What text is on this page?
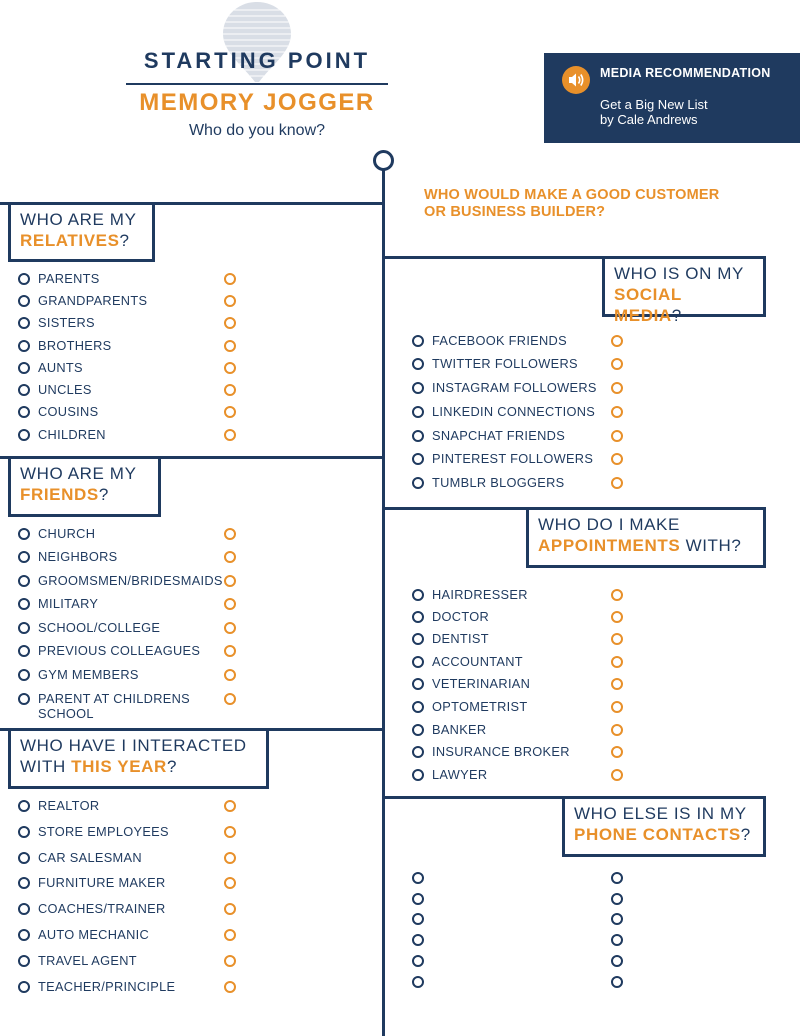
STARTING POINT
MEMORY JOGGER
Who do you know?
MEDIA RECOMMENDATION
Get a Big New List
by Cale Andrews
WHO WOULD MAKE A GOOD CUSTOMER
OR BUSINESS BUILDER?
WHO ARE MY
RELATIVES?
WHO ARE MY
FRIENDS?
WHO HAVE I INTERACTED
WITH THIS YEAR?
WHO IS ON MY
SOCIAL MEDIA?
WHO DO I MAKE
APPOINTMENTS WITH?
WHO ELSE IS IN MY
PHONE CONTACTS?
PARENTS
GRANDPARENTS
SISTERS
BROTHERS
AUNTS
UNCLES
COUSINS
CHILDREN
CHURCH
NEIGHBORS
GROOMSMEN/BRIDESMAIDS
MILITARY
SCHOOL/COLLEGE
PREVIOUS COLLEAGUES
GYM MEMBERS
PARENT AT CHILDRENS
SCHOOL
REALTOR
STORE EMPLOYEES
CAR SALESMAN
FURNITURE MAKER
COACHES/TRAINER
AUTO MECHANIC
TRAVEL AGENT
TEACHER/PRINCIPLE
FACEBOOK FRIENDS
TWITTER FOLLOWERS
INSTAGRAM FOLLOWERS
LINKEDIN CONNECTIONS
SNAPCHAT FRIENDS
PINTEREST FOLLOWERS
TUMBLR BLOGGERS
HAIRDRESSER
DOCTOR
DENTIST
ACCOUNTANT
VETERINARIAN
OPTOMETRIST
BANKER
INSURANCE BROKER
LAWYER
